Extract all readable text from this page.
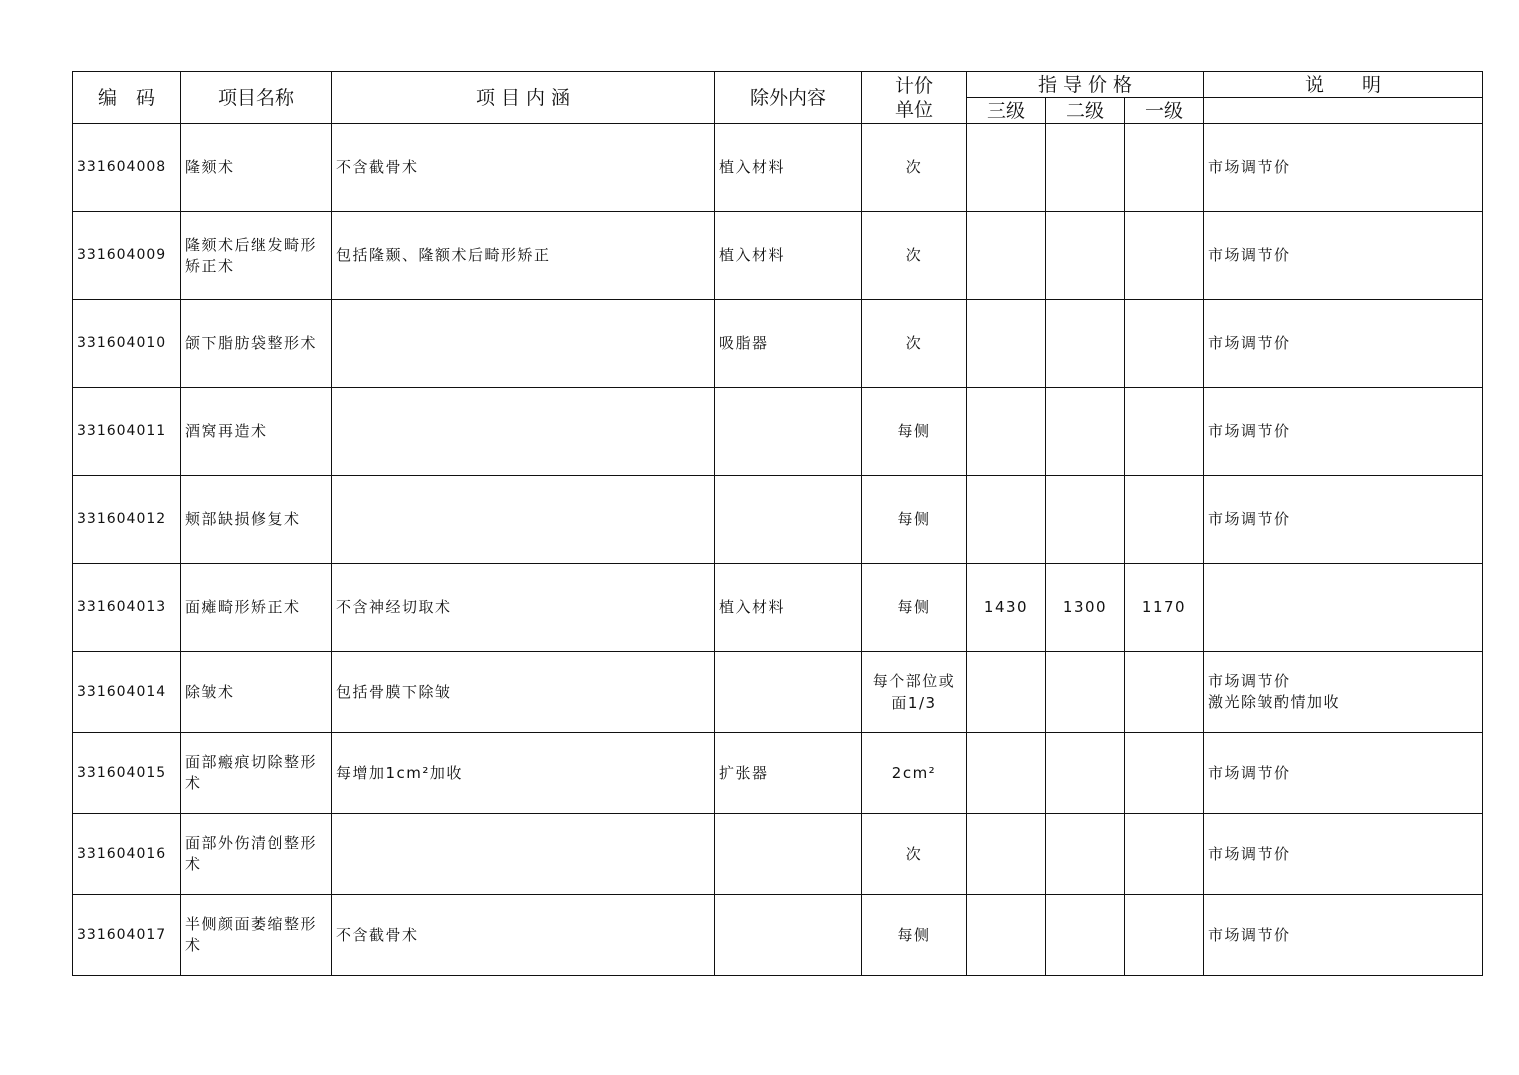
编　码	项目名称	项 目 内 涵	除外内容	计价
单位	指 导 价 格			说　　明
					三级	二级	一级	
331604008	隆颏术	不含截骨术	植入材料	次				市场调节价

331604009	隆颏术后继发畸形矫正术	包括隆颞、隆额术后畸形矫正	植入材料	次				市场调节价

331604010	颌下脂肪袋整形术		吸脂器	次				市场调节价

331604011	酒窝再造术			每侧				市场调节价

331604012	颊部缺损修复术			每侧				市场调节价

331604013	面瘫畸形矫正术	不含神经切取术	植入材料	每侧	1430	1300	1170	

331604014	除皱术	包括骨膜下除皱		每个部位或面1/3				市场调节价
激光除皱酌情加收

331604015	面部瘢痕切除整形术	每增加1cm²加收	扩张器	2cm²				市场调节价

331604016	面部外伤清创整形术			次				市场调节价

331604017	半侧颜面萎缩整形术	不含截骨术		每侧				市场调节价
